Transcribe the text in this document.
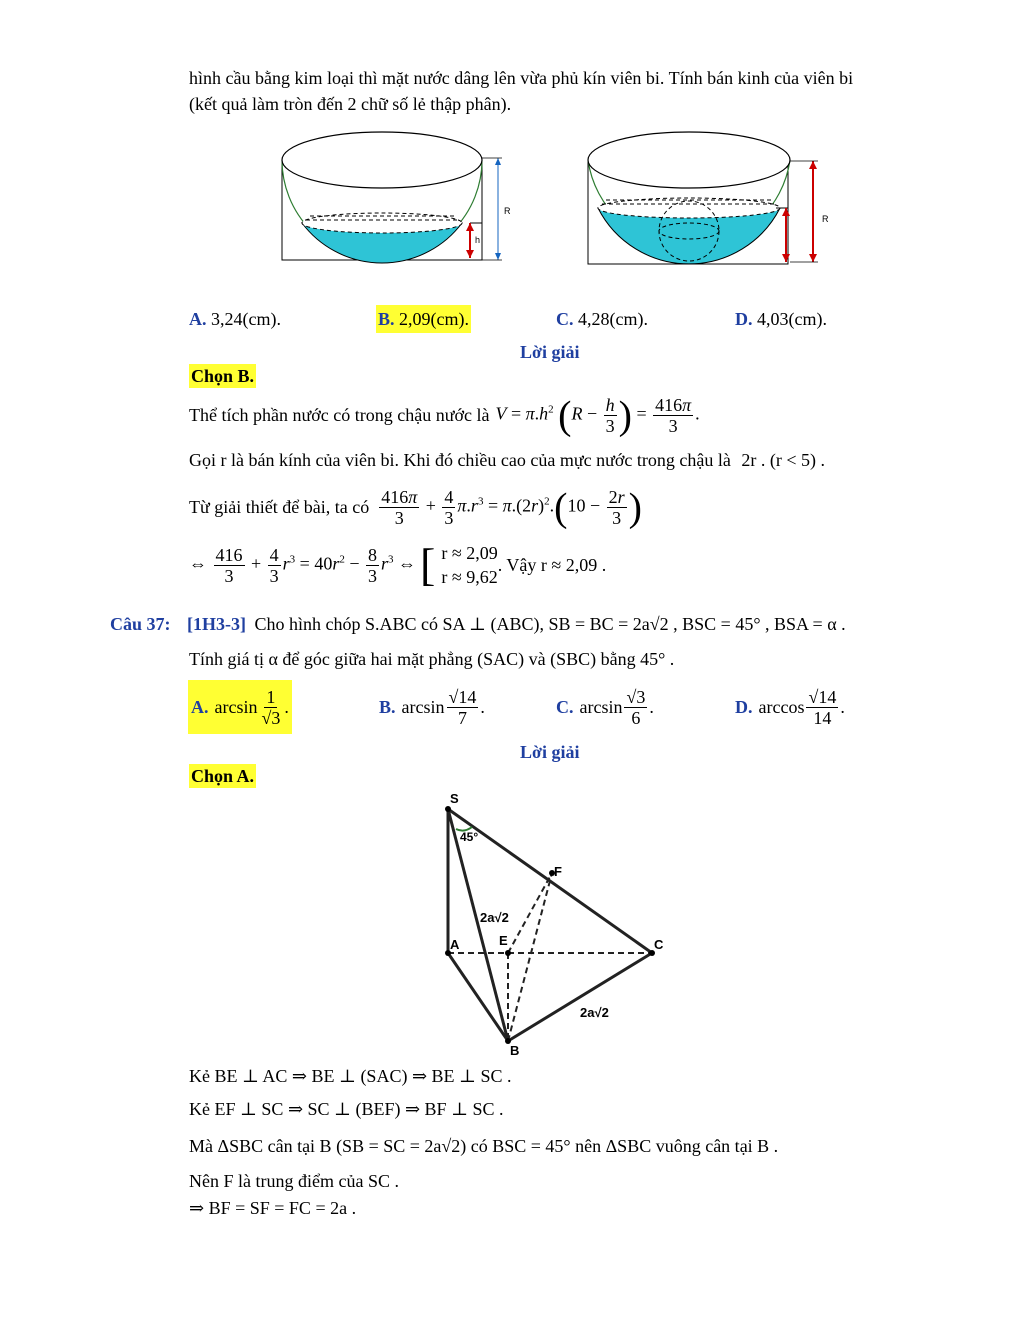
hình cầu bằng kim loại thì mặt nước dâng lên vừa phủ kín viên bi. Tính bán kinh của viên bi
(kết quả làm tròn đến 2 chữ số lẻ thập phân).
R
h
R
A. 3,24(cm).	B. 2,09(cm).	C. 4,28(cm).	D. 4,03(cm).
Lời giải
Chọn B.
Thể tích phần nước có trong chậu nước là $V = \pi.h^2$ ($R - \frac{h}{3}$ ) = $\frac{416\pi}{3}$ .
Gọi r là bán kính của viên bi. Khi đó chiều cao của mực nước trong chậu là 2r . (r < 5) .
Từ giải thiết để bài, ta có $\frac{416\pi}{3} + \frac{4}{3} \pi.r^3 = \pi.(2r)^2.(10 - \frac{2r}{3}$ )
⇔ $\frac{416}{3} + \frac{4}{3} r^3 = 40r^2 - \frac{8}{3} r^3$ ⇔ [ r ≈ 2,09
r ≈ 9,62
. Vậy r ≈ 2,09 .
Câu 37: [1H3-3] Cho hình chóp S.ABC có SA ⊥ (ABC), SB = BC = 2a√2 , BSC = 45° , BSA = α .
Tính giá tị α để góc giữa hai mặt phẳng (SAC) và (SBC) bằng 45° .
A. $\arcsin \frac{1}{√3}$ .	B. $\arcsin \frac{√14}{7}$ .	C. $\arcsin \frac{√3}{6}$ .	D. $\arccos \frac{√14}{14}$ .
Lời giải
Chọn A.
S
A
B
C
E
F
45°
2a√2
2a√2
Kẻ BE ⊥ AC ⇒ BE ⊥ (SAC) ⇒ BE ⊥ SC .
Kẻ EF ⊥ SC ⇒ SC ⊥ (BEF) ⇒ BF ⊥ SC .
Mà ΔSBC cân tại B (SB = SC = 2a√2) có BSC = 45° nên ΔSBC vuông cân tại B .
Nên F là trung điểm của SC .
⇒ BF = SF = FC = 2a .
